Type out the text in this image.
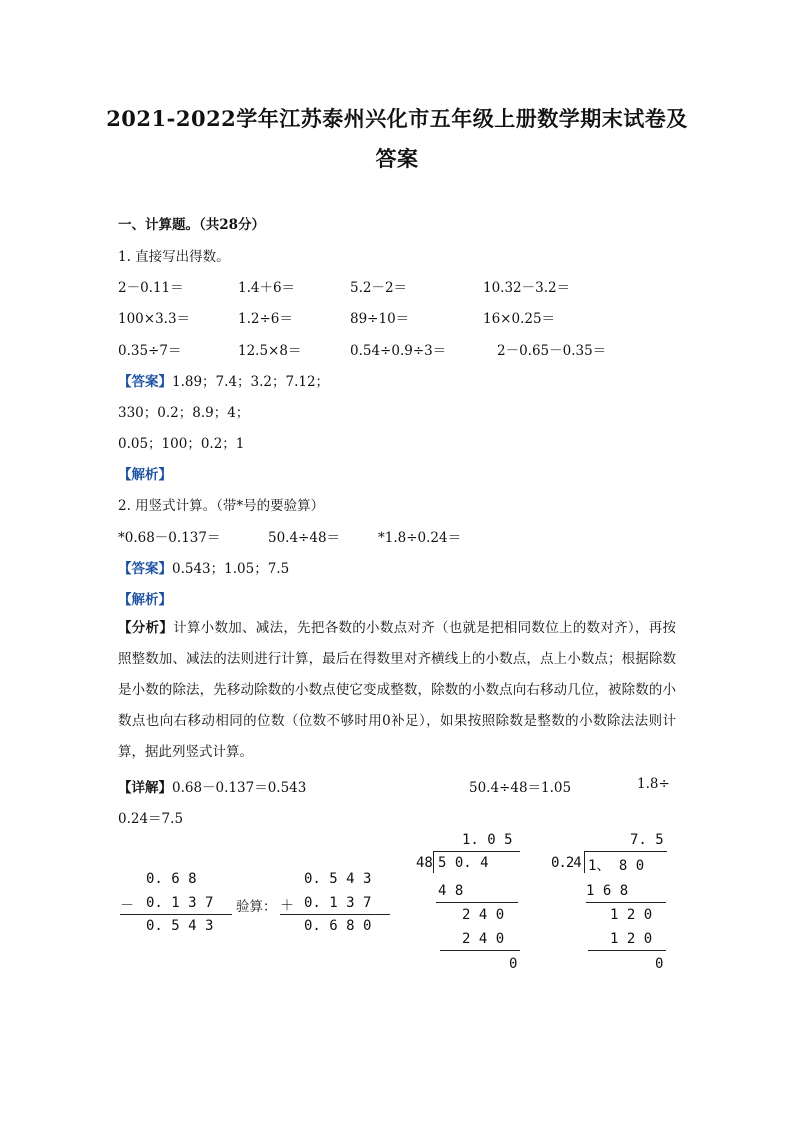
2021-2022学年江苏泰州兴化市五年级上册数学期末试卷及
答案
一、计算题。（共28分）
1. 直接写出得数。
2－0.11＝	1.4＋6＝	5.2－2＝	10.32－3.2＝
100×3.3＝	1.2÷6＝	89÷10＝	16×0.25＝
0.35÷7＝	12.5×8＝	0.54÷0.9÷3＝	2－0.65－0.35＝
【答案】1.89；7.4；3.2；7.12；
330；0.2；8.9；4；
0.05；100；0.2；1
【解析】
2. 用竖式计算。（带*号的要验算）
*0.68－0.137＝	50.4÷48＝	*1.8÷0.24＝
【答案】0.543；1.05；7.5
【解析】
【分析】计算小数加、减法，先把各数的小数点对齐（也就是把相同数位上的数对齐），再按照整数加、减法的法则进行计算，最后在得数里对齐横线上的小数点，点上小数点；根据除数是小数的除法，先移动除数的小数点使它变成整数，除数的小数点向右移动几位，被除数的小数点也向右移动相同的位数（位数不够时用0补足），如果按照除数是整数的小数除法法则计算，据此列竖式计算。
【详解】0.68－0.137＝0.543	50.4÷48＝1.05	1.8÷
0.24＝7.5
0. 6 8
－ 0. 1 3 7
0. 5 4 3
验算：
0. 5 4 3
＋ 0. 1 3 7
0. 6 8 0
1. 0 5
48 5 0. 4
4 8
2 4 0
2 4 0
0
7. 5
0.24 1、 8 0
1 6 8
1 2 0
1 2 0
0
